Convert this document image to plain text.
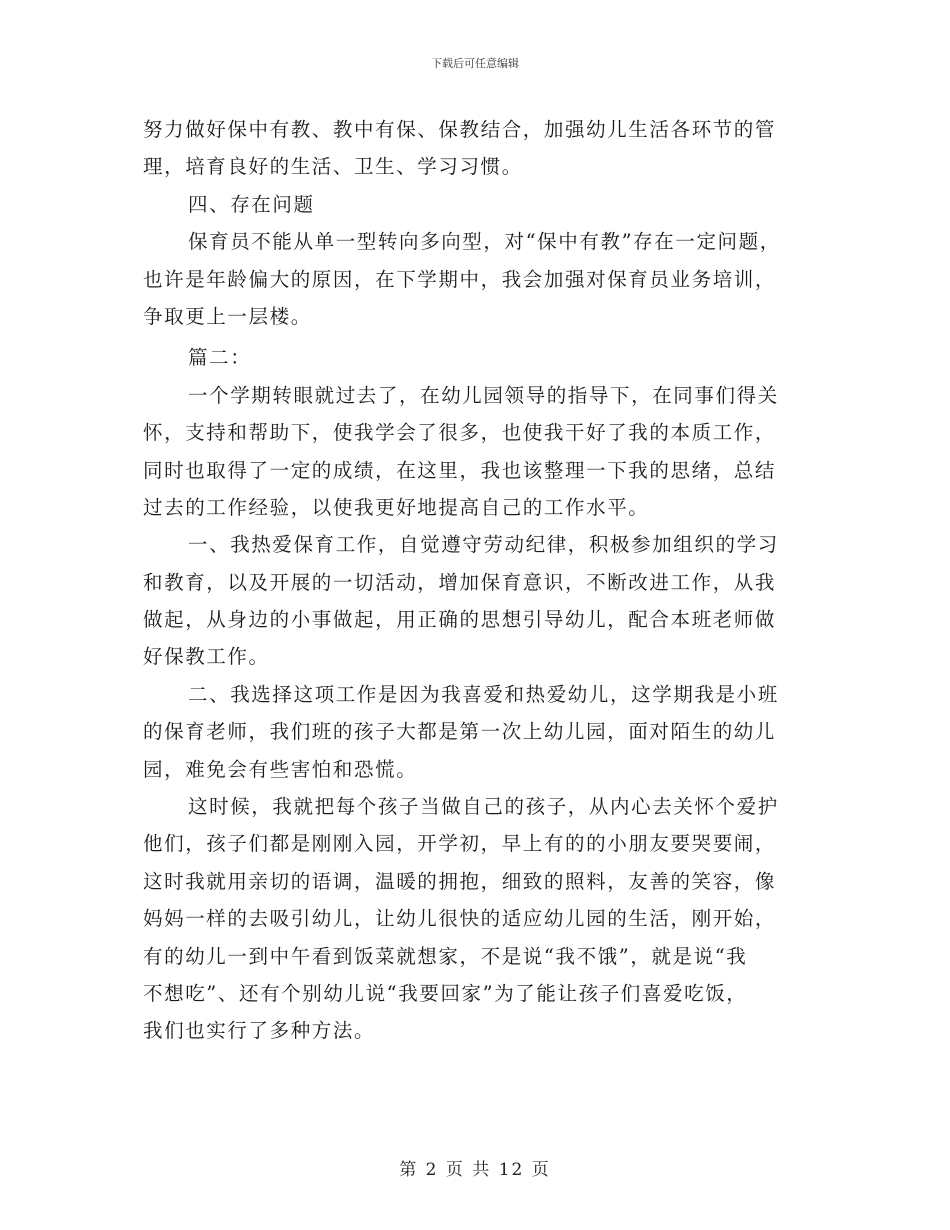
下载后可任意编辑
努力做好保中有教、教中有保、保教结合，加强幼儿生活各环节的管
理，培育良好的生活、卫生、学习习惯。
四、存在问题
保育员不能从单一型转向多向型，对“保中有教”存在一定问题，
也许是年龄偏大的原因，在下学期中，我会加强对保育员业务培训，
争取更上一层楼。
篇二：
一个学期转眼就过去了，在幼儿园领导的指导下，在同事们得关
怀，支持和帮助下，使我学会了很多，也使我干好了我的本质工作，
同时也取得了一定的成绩，在这里，我也该整理一下我的思绪，总结
过去的工作经验，以使我更好地提高自己的工作水平。
一、我热爱保育工作，自觉遵守劳动纪律，积极参加组织的学习
和教育，以及开展的一切活动，增加保育意识，不断改进工作，从我
做起，从身边的小事做起，用正确的思想引导幼儿，配合本班老师做
好保教工作。
二、我选择这项工作是因为我喜爱和热爱幼儿，这学期我是小班
的保育老师，我们班的孩子大都是第一次上幼儿园，面对陌生的幼儿
园，难免会有些害怕和恐慌。
这时候，我就把每个孩子当做自己的孩子，从内心去关怀个爱护
他们，孩子们都是刚刚入园，开学初，早上有的的小朋友要哭要闹，
这时我就用亲切的语调，温暖的拥抱，细致的照料，友善的笑容，像
妈妈一样的去吸引幼儿，让幼儿很快的适应幼儿园的生活，刚开始，
有的幼儿一到中午看到饭菜就想家，不是说“我不饿”，就是说“我
不想吃”、还有个别幼儿说“我要回家”为了能让孩子们喜爱吃饭，
我们也实行了多种方法。
第 2 页 共 12 页
